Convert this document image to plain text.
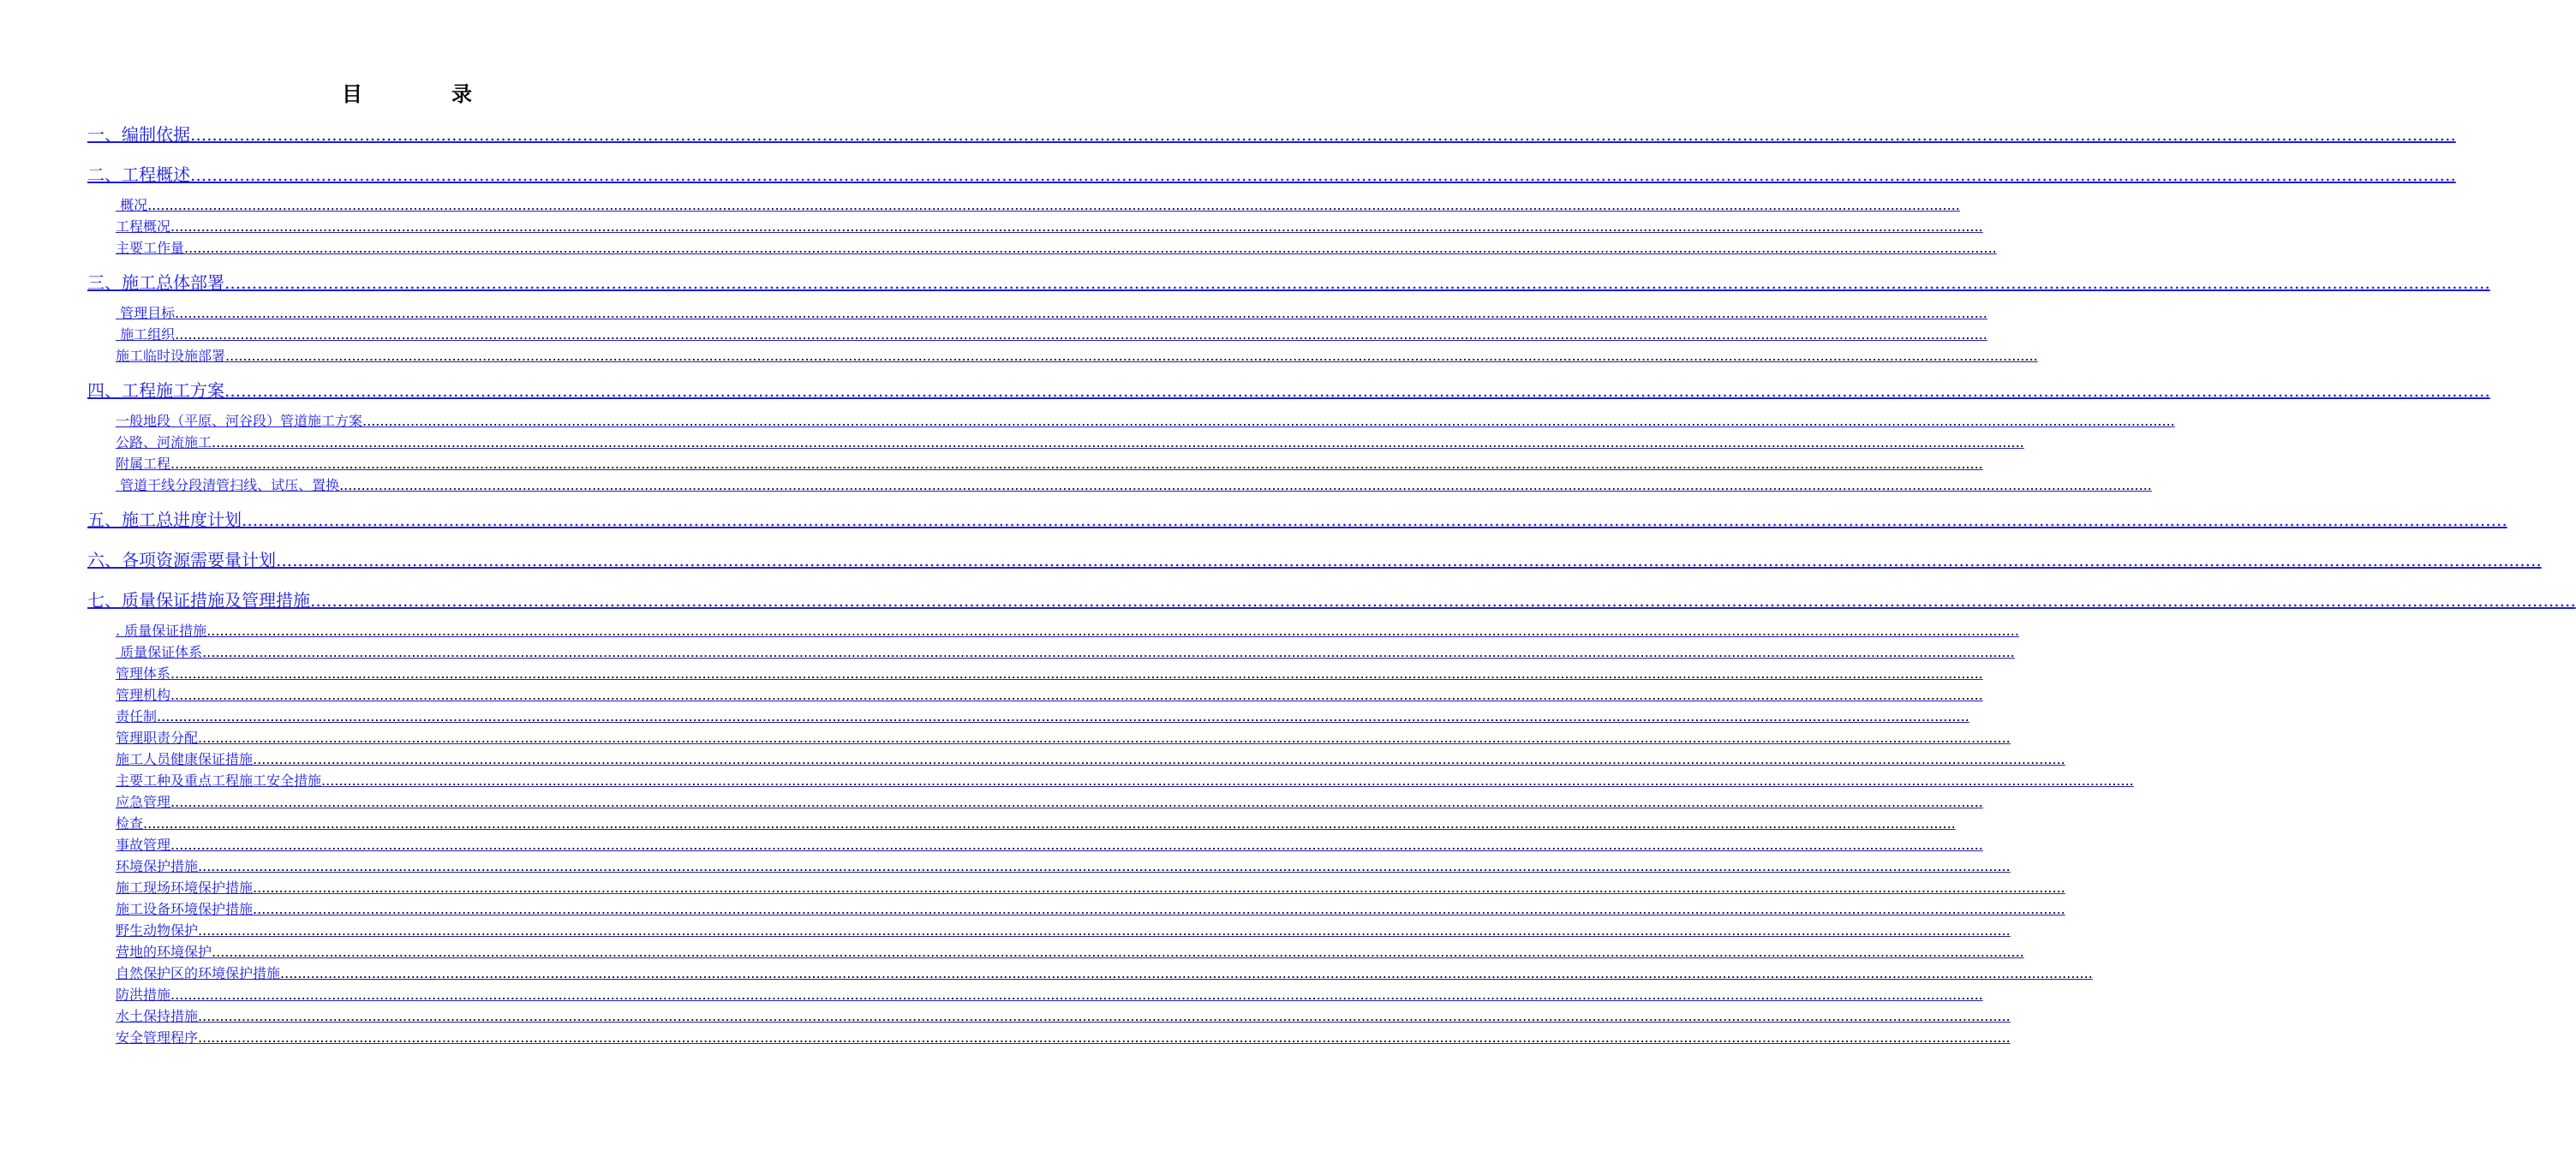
目　录
一、编制依据 ................................................................................................................................................................................................................................................................................................................................................................................................................................
二、工程概述 ................................................................................................................................................................................................................................................................................................................................................................................................................................
概况 ................................................................................................................................................................................................................................................................................................................................................................................................................................
工程概况 ................................................................................................................................................................................................................................................................................................................................................................................................................................
主要工作量 ................................................................................................................................................................................................................................................................................................................................................................................................................................
三、施工总体部署 ................................................................................................................................................................................................................................................................................................................................................................................................................................
管理目标 ................................................................................................................................................................................................................................................................................................................................................................................................................................
施工组织 ................................................................................................................................................................................................................................................................................................................................................................................................................................
施工临时设施部署 ................................................................................................................................................................................................................................................................................................................................................................................................................................
四、工程施工方案 ................................................................................................................................................................................................................................................................................................................................................................................................................................
一般地段（平原、河谷段）管道施工方案 ................................................................................................................................................................................................................................................................................................................................................................................................................................
公路、河流施工 ................................................................................................................................................................................................................................................................................................................................................................................................................................
附属工程 ................................................................................................................................................................................................................................................................................................................................................................................................................................
管道干线分段清管扫线、试压、置换 ................................................................................................................................................................................................................................................................................................................................................................................................................................
五、施工总进度计划 ................................................................................................................................................................................................................................................................................................................................................................................................................................
六、各项资源需要量计划 ................................................................................................................................................................................................................................................................................................................................................................................................................................
七、质量保证措施及管理措施 ................................................................................................................................................................................................................................................................................................................................................................................................................................
. 质量保证措施 ................................................................................................................................................................................................................................................................................................................................................................................................................................
质量保证体系 ................................................................................................................................................................................................................................................................................................................................................................................................................................
管理体系 ................................................................................................................................................................................................................................................................................................................................................................................................................................
管理机构 ................................................................................................................................................................................................................................................................................................................................................................................................................................
责任制 ................................................................................................................................................................................................................................................................................................................................................................................................................................
管理职责分配 ................................................................................................................................................................................................................................................................................................................................................................................................................................
施工人员健康保证措施 ................................................................................................................................................................................................................................................................................................................................................................................................................................
主要工种及重点工程施工安全措施 ................................................................................................................................................................................................................................................................................................................................................................................................................................
应急管理 ................................................................................................................................................................................................................................................................................................................................................................................................................................
检查 ................................................................................................................................................................................................................................................................................................................................................................................................................................
事故管理 ................................................................................................................................................................................................................................................................................................................................................................................................................................
环境保护措施 ................................................................................................................................................................................................................................................................................................................................................................................................................................
施工现场环境保护措施 ................................................................................................................................................................................................................................................................................................................................................................................................................................
施工设备环境保护措施 ................................................................................................................................................................................................................................................................................................................................................................................................................................
野生动物保护 ................................................................................................................................................................................................................................................................................................................................................................................................................................
营地的环境保护 ................................................................................................................................................................................................................................................................................................................................................................................................................................
自然保护区的环境保护措施 ................................................................................................................................................................................................................................................................................................................................................................................................................................
防洪措施 ................................................................................................................................................................................................................................................................................................................................................................................................................................
水土保持措施 ................................................................................................................................................................................................................................................................................................................................................................................................................................
安全管理程序 ................................................................................................................................................................................................................................................................................................................................................................................................................................
